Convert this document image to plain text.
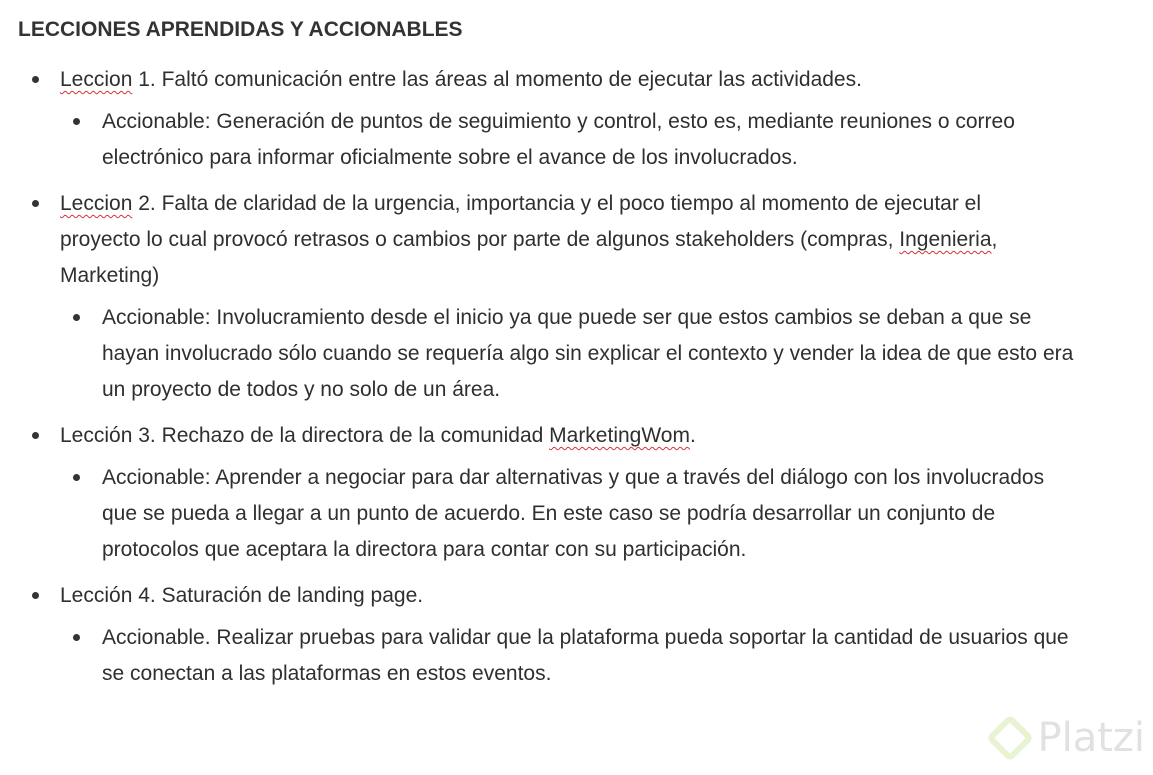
LECCIONES APRENDIDAS Y ACCIONABLES
Leccion 1. Faltó comunicación entre las áreas al momento de ejecutar las actividades.
Accionable: Generación de puntos de seguimiento y control, esto es, mediante reuniones o correo electrónico para informar oficialmente sobre el avance de los involucrados.
Leccion 2. Falta de claridad de la urgencia, importancia y el poco tiempo al momento de ejecutar el proyecto lo cual provocó retrasos o cambios por parte de algunos stakeholders (compras, Ingenieria, Marketing)
Accionable: Involucramiento desde el inicio ya que puede ser que estos cambios se deban a que se hayan involucrado sólo cuando se requería algo sin explicar el contexto y vender la idea de que esto era un proyecto de todos y no solo de un área.
Lección 3. Rechazo de la directora de la comunidad MarketingWom.
Accionable: Aprender a negociar para dar alternativas y que a través del diálogo con los involucrados que se pueda a llegar a un punto de acuerdo. En este caso se podría desarrollar un conjunto de protocolos que aceptara la directora para contar con su participación.
Lección 4. Saturación de landing page.
Accionable. Realizar pruebas para validar que la plataforma pueda soportar la cantidad de usuarios que se conectan a las plataformas en estos eventos.
Platzi
